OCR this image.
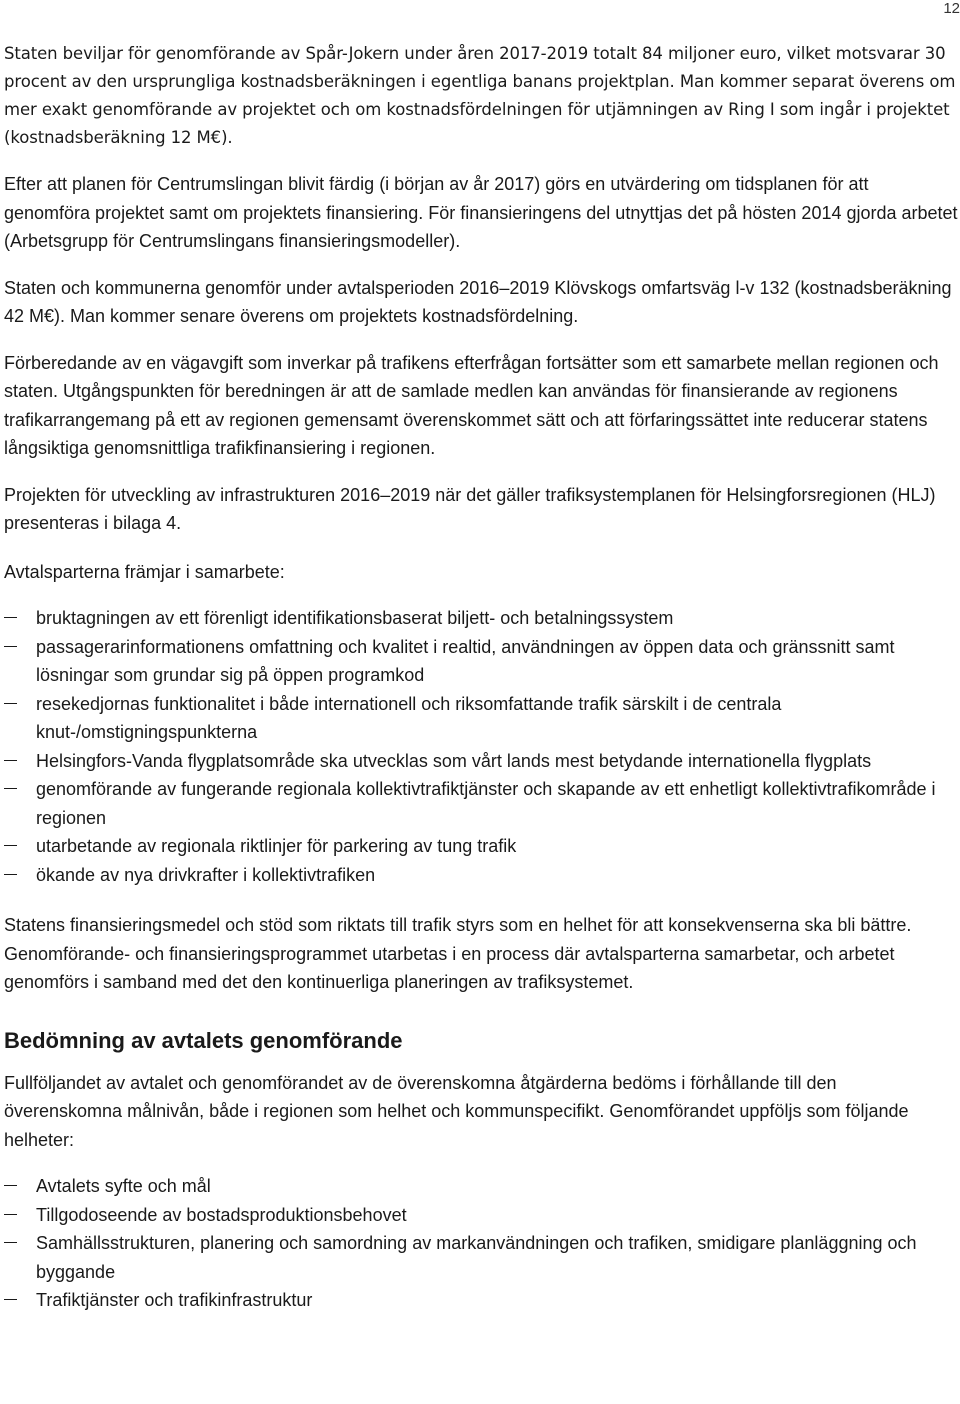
12

Staten beviljar för genomförande av Spår-Jokern under åren 2017-2019 totalt 84 miljoner euro, vilket motsvarar 30 procent av den ursprungliga kostnadsberäkningen i egentliga banans projektplan. Man kommer separat överens om mer exakt genomförande av projektet och om kostnadsfördelningen för utjämningen av Ring I som ingår i projektet (kostnadsberäkning 12 M€).

Efter att planen för Centrumslingan blivit färdig (i början av år 2017) görs en utvärdering om tidsplanen för att genomföra projektet samt om projektets finansiering. För finansieringens del utnyttjas det på hösten 2014 gjorda arbetet (Arbetsgrupp för Centrumslingans finansieringsmodeller).

Staten och kommunerna genomför under avtalsperioden 2016–2019 Klövskogs omfartsväg l-v 132 (kostnadsberäkning 42 M€). Man kommer senare överens om projektets kostnadsfördelning.

Förberedande av en vägavgift som inverkar på trafikens efterfrågan fortsätter som ett samarbete mellan regionen och staten. Utgångspunkten för beredningen är att de samlade medlen kan användas för finansierande av regionens trafikarrangemang på ett av regionen gemensamt överenskommet sätt och att förfaringssättet inte reducerar statens långsiktiga genomsnittliga trafikfinansiering i regionen.

Projekten för utveckling av infrastrukturen 2016–2019 när det gäller trafiksystemplanen för Helsingforsregionen (HLJ) presenteras i bilaga 4.

Avtalsparterna främjar i samarbete:

bruktagningen av ett förenligt identifikationsbaserat biljett- och betalningssystem
passagerarinformationens omfattning och kvalitet i realtid, användningen av öppen data och gränssnitt samt lösningar som grundar sig på öppen programkod
resekedjornas funktionalitet i både internationell och riksomfattande trafik särskilt i de centrala knut-/omstigningspunkterna
Helsingfors-Vanda flygplatsområde ska utvecklas som vårt lands mest betydande internationella flygplats
genomförande av fungerande regionala kollektivtrafiktjänster och skapande av ett enhetligt kollektivtrafikområde i regionen
utarbetande av regionala riktlinjer för parkering av tung trafik
ökande av nya drivkrafter i kollektivtrafiken

Statens finansieringsmedel och stöd som riktats till trafik styrs som en helhet för att konsekvenserna ska bli bättre. Genomförande- och finansieringsprogrammet utarbetas i en process där avtalsparterna samarbetar, och arbetet genomförs i samband med det den kontinuerliga planeringen av trafiksystemet.

Bedömning av avtalets genomförande

Fullföljandet av avtalet och genomförandet av de överenskomna åtgärderna bedöms i förhållande till den överenskomna målnivån, både i regionen som helhet och kommunspecifikt. Genomförandet uppföljs som följande helheter:

Avtalets syfte och mål
Tillgodoseende av bostadsproduktionsbehovet
Samhällsstrukturen, planering och samordning av markanvändningen och trafiken, smidigare planläggning och byggande
Trafiktjänster och trafikinfrastruktur
